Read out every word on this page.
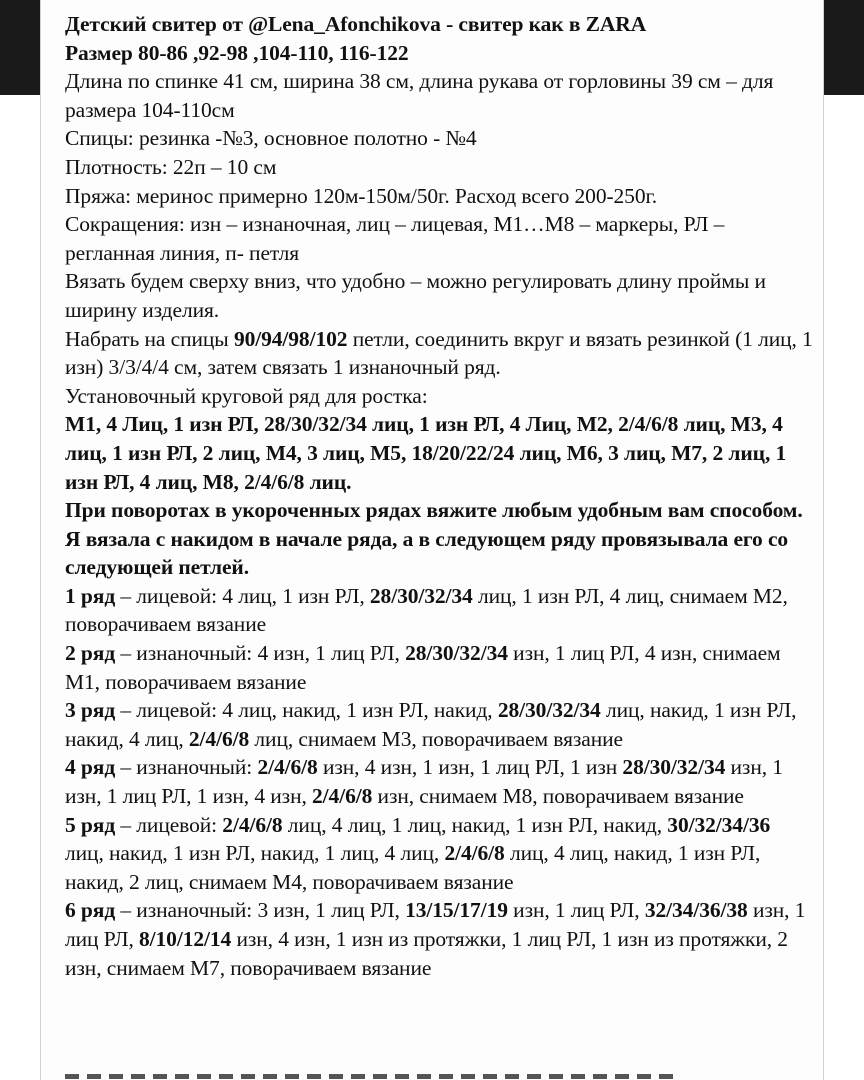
Детский свитер от @Lena_Afonchikova - свитер как в ZARA

Размер 80-86 ,92-98 ,104-110, 116-122

Длина по спинке 41 см, ширина 38 см, длина рукава от горловины 39 см – для размера 104-110см

Спицы: резинка -№3, основное полотно - №4

Плотность: 22п – 10 см

Пряжа: меринос примерно 120м-150м/50г. Расход всего 200-250г.

Сокращения: изн – изнаночная, лиц – лицевая, М1…М8 – маркеры, РЛ – регланная линия, п- петля

Вязать будем сверху вниз, что удобно – можно регулировать длину проймы и ширину изделия.

Набрать на спицы 90/94/98/102 петли, соединить вкруг и вязать резинкой (1 лиц, 1 изн) 3/3/4/4 см, затем связать 1 изнаночный ряд.

Установочный круговой ряд для ростка:

М1, 4 Лиц, 1 изн РЛ, 28/30/32/34 лиц, 1 изн РЛ, 4 Лиц, М2, 2/4/6/8 лиц, М3, 4 лиц, 1 изн РЛ, 2 лиц, М4, 3 лиц, М5, 18/20/22/24 лиц, М6, 3 лиц, М7, 2 лиц, 1 изн РЛ, 4 лиц, М8, 2/4/6/8 лиц.

При поворотах в укороченных рядах вяжите любым удобным вам способом. Я вязала с накидом в начале ряда, а в следующем ряду провязывала его со следующей петлей.

1 ряд – лицевой: 4 лиц, 1 изн РЛ, 28/30/32/34 лиц, 1 изн РЛ, 4 лиц, снимаем М2, поворачиваем вязание

2 ряд – изнаночный: 4 изн, 1 лиц РЛ, 28/30/32/34 изн, 1 лиц РЛ, 4 изн, снимаем М1, поворачиваем вязание

3 ряд – лицевой: 4 лиц, накид, 1 изн РЛ, накид, 28/30/32/34 лиц, накид, 1 изн РЛ, накид, 4 лиц, 2/4/6/8 лиц, снимаем М3, поворачиваем вязание

4 ряд – изнаночный: 2/4/6/8 изн, 4 изн, 1 изн, 1 лиц РЛ, 1 изн 28/30/32/34 изн, 1 изн, 1 лиц РЛ, 1 изн, 4 изн, 2/4/6/8 изн, снимаем М8, поворачиваем вязание

5 ряд – лицевой: 2/4/6/8 лиц, 4 лиц, 1 лиц, накид, 1 изн РЛ, накид, 30/32/34/36 лиц, накид, 1 изн РЛ, накид, 1 лиц, 4 лиц, 2/4/6/8 лиц, 4 лиц, накид, 1 изн РЛ, накид, 2 лиц, снимаем М4, поворачиваем вязание

6 ряд – изнаночный: 3 изн, 1 лиц РЛ, 13/15/17/19 изн, 1 лиц РЛ, 32/34/36/38 изн, 1 лиц РЛ, 8/10/12/14 изн, 4 изн, 1 изн из протяжки, 1 лиц РЛ, 1 изн из протяжки, 2 изн, снимаем М7, поворачиваем вязание
